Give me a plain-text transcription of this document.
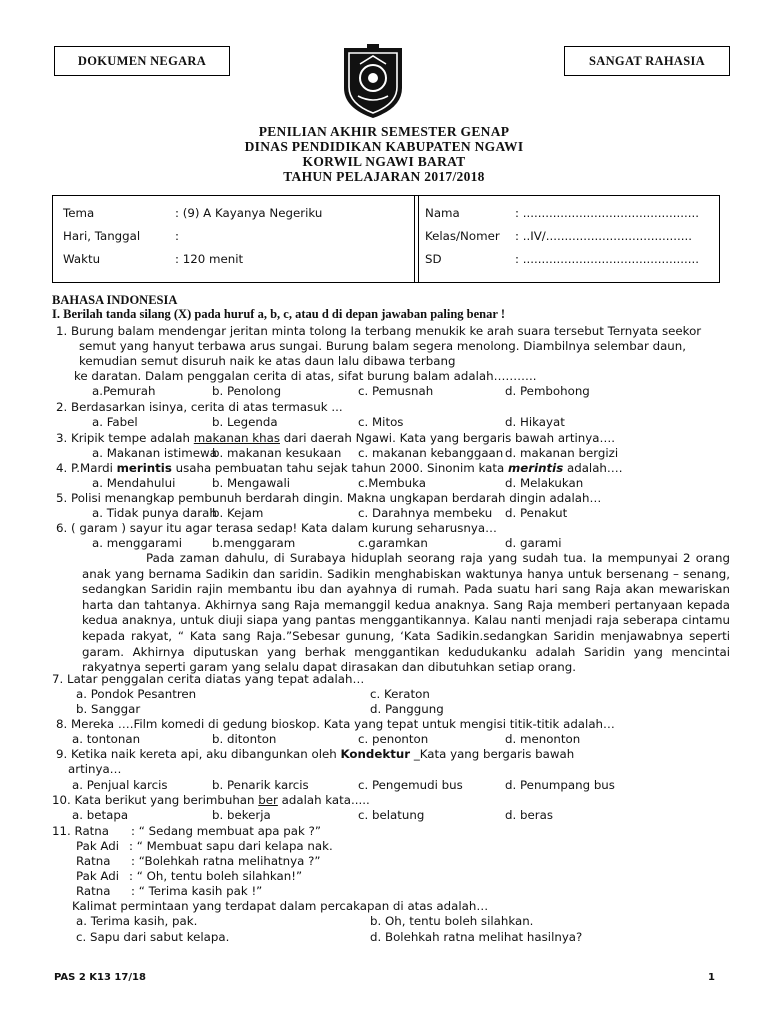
DOKUMEN NEGARA	SANGAT RAHASIA
PENILIAN AKHIR SEMESTER GENAP
DINAS PENDIDIKAN KABUPATEN NGAWI
KORWIL NGAWI BARAT
TAHUN PELAJARAN 2017/2018
Tema	: (9) A Kayanya Negeriku
Hari, Tanggal	:
Waktu	: 120 menit
Nama	: ...............................................
Kelas/Nomer : ..IV/.......................................
SD	: ...............................................
BAHASA INDONESIA
I. Berilah tanda silang (X) pada huruf a, b, c, atau d di depan jawaban paling benar !
1. Burung balam mendengar jeritan minta tolong Ia terbang menukik ke arah suara tersebut Ternyata seekor
semut yang hanyut terbawa arus sungai. Burung balam segera menolong. Diambilnya selembar daun,
kemudian semut disuruh naik ke atas daun lalu dibawa terbang
ke daratan. Dalam penggalan cerita di atas, sifat burung balam adalah………..
a.Pemurah	b. Penolong	c. Pemusnah	d. Pembohong
2. Berdasarkan isinya, cerita di atas termasuk ...
a. Fabel	b. Legenda	c. Mitos	d. Hikayat
3. Kripik tempe adalah makanan khas dari daerah Ngawi. Kata yang bergaris bawah artinya….
a. Makanan istimewa
b. makanan kesukaan c. makanan kebanggaan d. makanan bergizi
4. P.Mardi merintis usaha pembuatan tahu sejak tahun 2000. Sinonim kata merintis adalah….
a. Mendahului	b. Mengawali	c.Membuka	d. Melakukan
5. Polisi menangkap pembunuh berdarah dingin. Makna ungkapan berdarah dingin adalah…
a. Tidak punya darah
b. Kejam	c. Darahnya membeku d. Penakut
6. ( garam ) sayur itu agar terasa sedap! Kata dalam kurung seharusnya…
a. menggarami	b.menggaram	c.garamkan	d. garami
Pada zaman dahulu, di Surabaya hiduplah seorang raja yang sudah tua. Ia mempunyai 2 orang anak yang bernama Sadikin dan saridin. Sadikin menghabiskan waktunya hanya untuk bersenang – senang, sedangkan Saridin rajin membantu ibu dan ayahnya di rumah. Pada suatu hari sang Raja akan mewariskan harta dan tahtanya. Akhirnya sang Raja memanggil kedua anaknya. Sang Raja memberi pertanyaan kepada kedua anaknya, untuk diuji siapa yang pantas menggantikannya. Kalau nanti menjadi raja seberapa cintamu kepada rakyat, “ Kata sang Raja.”Sebesar gunung, ‘Kata Sadikin.sedangkan Saridin menjawabnya seperti garam. Akhirnya diputuskan yang berhak menggantikan kedudukanku adalah Saridin yang mencintai rakyatnya seperti garam yang selalu dapat dirasakan dan dibutuhkan setiap orang.
7. Latar penggalan cerita diatas yang tepat adalah…
a. Pondok Pesantren	c. Keraton
b. Sanggar	d. Panggung
8. Mereka ….Film komedi di gedung bioskop. Kata yang tepat untuk mengisi titik-titik adalah…
a. tontonan	b. ditonton	c. penonton	d. menonton
9. Ketika naik kereta api, aku dibangunkan oleh Kondektur _Kata yang bergaris bawah
artinya…
a. Penjual karcis	b. Penarik karcis	c. Pengemudi bus	d. Penumpang bus
10. Kata berikut yang berimbuhan ber adalah kata.....
a. betapa	b. bekerja	c. belatung	d. beras
11. Ratna : “ Sedang membuat apa pak ?”
Pak Adi : “ Membuat sapu dari kelapa nak.
Ratna : “Bolehkah ratna melihatnya ?”
Pak Adi : “ Oh, tentu boleh silahkan!”
Ratna : “ Terima kasih pak !”
Kalimat permintaan yang terdapat dalam percakapan di atas adalah…
a. Terima kasih, pak.	b. Oh, tentu boleh silahkan.
c. Sapu dari sabut kelapa.	d. Bolehkah ratna melihat hasilnya?
PAS 2 K13 17/18	1
